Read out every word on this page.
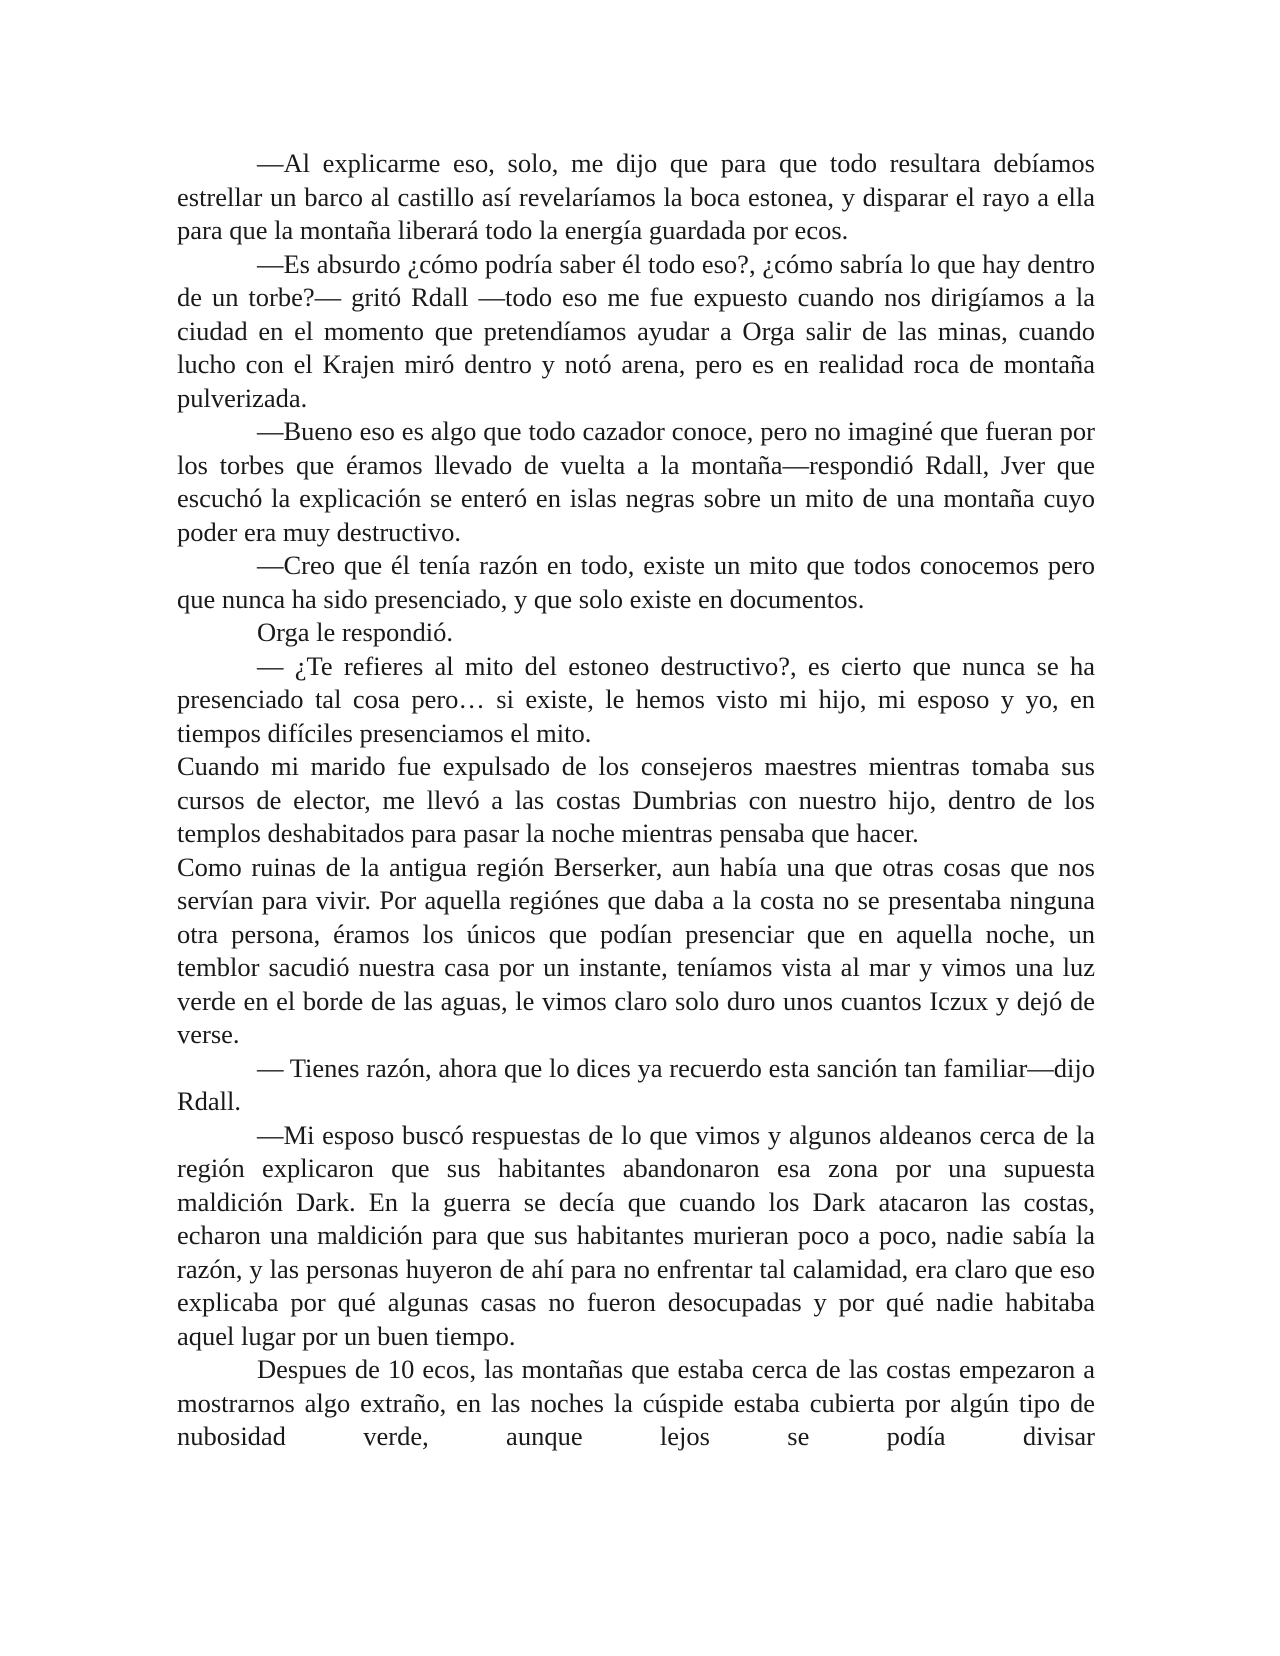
—Al explicarme eso, solo, me dijo que para que todo resultara debíamos estrellar un barco al castillo así revelaríamos la boca estonea, y disparar el rayo a ella para que la montaña liberará todo la energía guardada por ecos.

—Es absurdo ¿cómo podría saber él todo eso?, ¿cómo sabría lo que hay dentro de un torbe?— gritó Rdall —todo eso me fue expuesto cuando nos dirigíamos a la ciudad en el momento que pretendíamos ayudar a Orga salir de las minas, cuando lucho con el Krajen miró dentro y notó arena, pero es en realidad roca de montaña pulverizada.

—Bueno eso es algo que todo cazador conoce, pero no imaginé que fueran por los torbes que éramos llevado de vuelta a la montaña—respondió Rdall, Jver que escuchó la explicación se enteró en islas negras sobre un mito de una montaña cuyo poder era muy destructivo.

—Creo que él tenía razón en todo, existe un mito que todos conocemos pero que nunca ha sido presenciado, y que solo existe en documentos.

Orga le respondió.

— ¿Te refieres al mito del estoneo destructivo?, es cierto que nunca se ha presenciado tal cosa pero… si existe, le hemos visto mi hijo, mi esposo y yo, en tiempos difíciles presenciamos el mito.

Cuando mi marido fue expulsado de los consejeros maestres mientras tomaba sus cursos de elector, me llevó a las costas Dumbrias con nuestro hijo, dentro de los templos deshabitados para pasar la noche mientras pensaba que hacer.

Como ruinas de la antigua región Berserker, aun había una que otras cosas que nos servían para vivir. Por aquella regiónes que daba a la costa no se presentaba ninguna otra persona, éramos los únicos que podían presenciar que en aquella noche, un temblor sacudió nuestra casa por un instante, teníamos vista al mar y vimos una luz verde en el borde de las aguas, le vimos claro solo duro unos cuantos Iczux y dejó de verse.

— Tienes razón, ahora que lo dices ya recuerdo esta sanción tan familiar—dijo Rdall.

—Mi esposo buscó respuestas de lo que vimos y algunos aldeanos cerca de la región explicaron que sus habitantes abandonaron esa zona por una supuesta maldición Dark. En la guerra se decía que cuando los Dark atacaron las costas, echaron una maldición para que sus habitantes murieran poco a poco, nadie sabía la razón, y las personas huyeron de ahí para no enfrentar tal calamidad, era claro que eso explicaba por qué algunas casas no fueron desocupadas y por qué nadie habitaba aquel lugar por un buen tiempo.

Despues de 10 ecos, las montañas que estaba cerca de las costas empezaron a mostrarnos algo extraño, en las noches la cúspide estaba cubierta por algún tipo de nubosidad verde, aunque lejos se podía divisar
